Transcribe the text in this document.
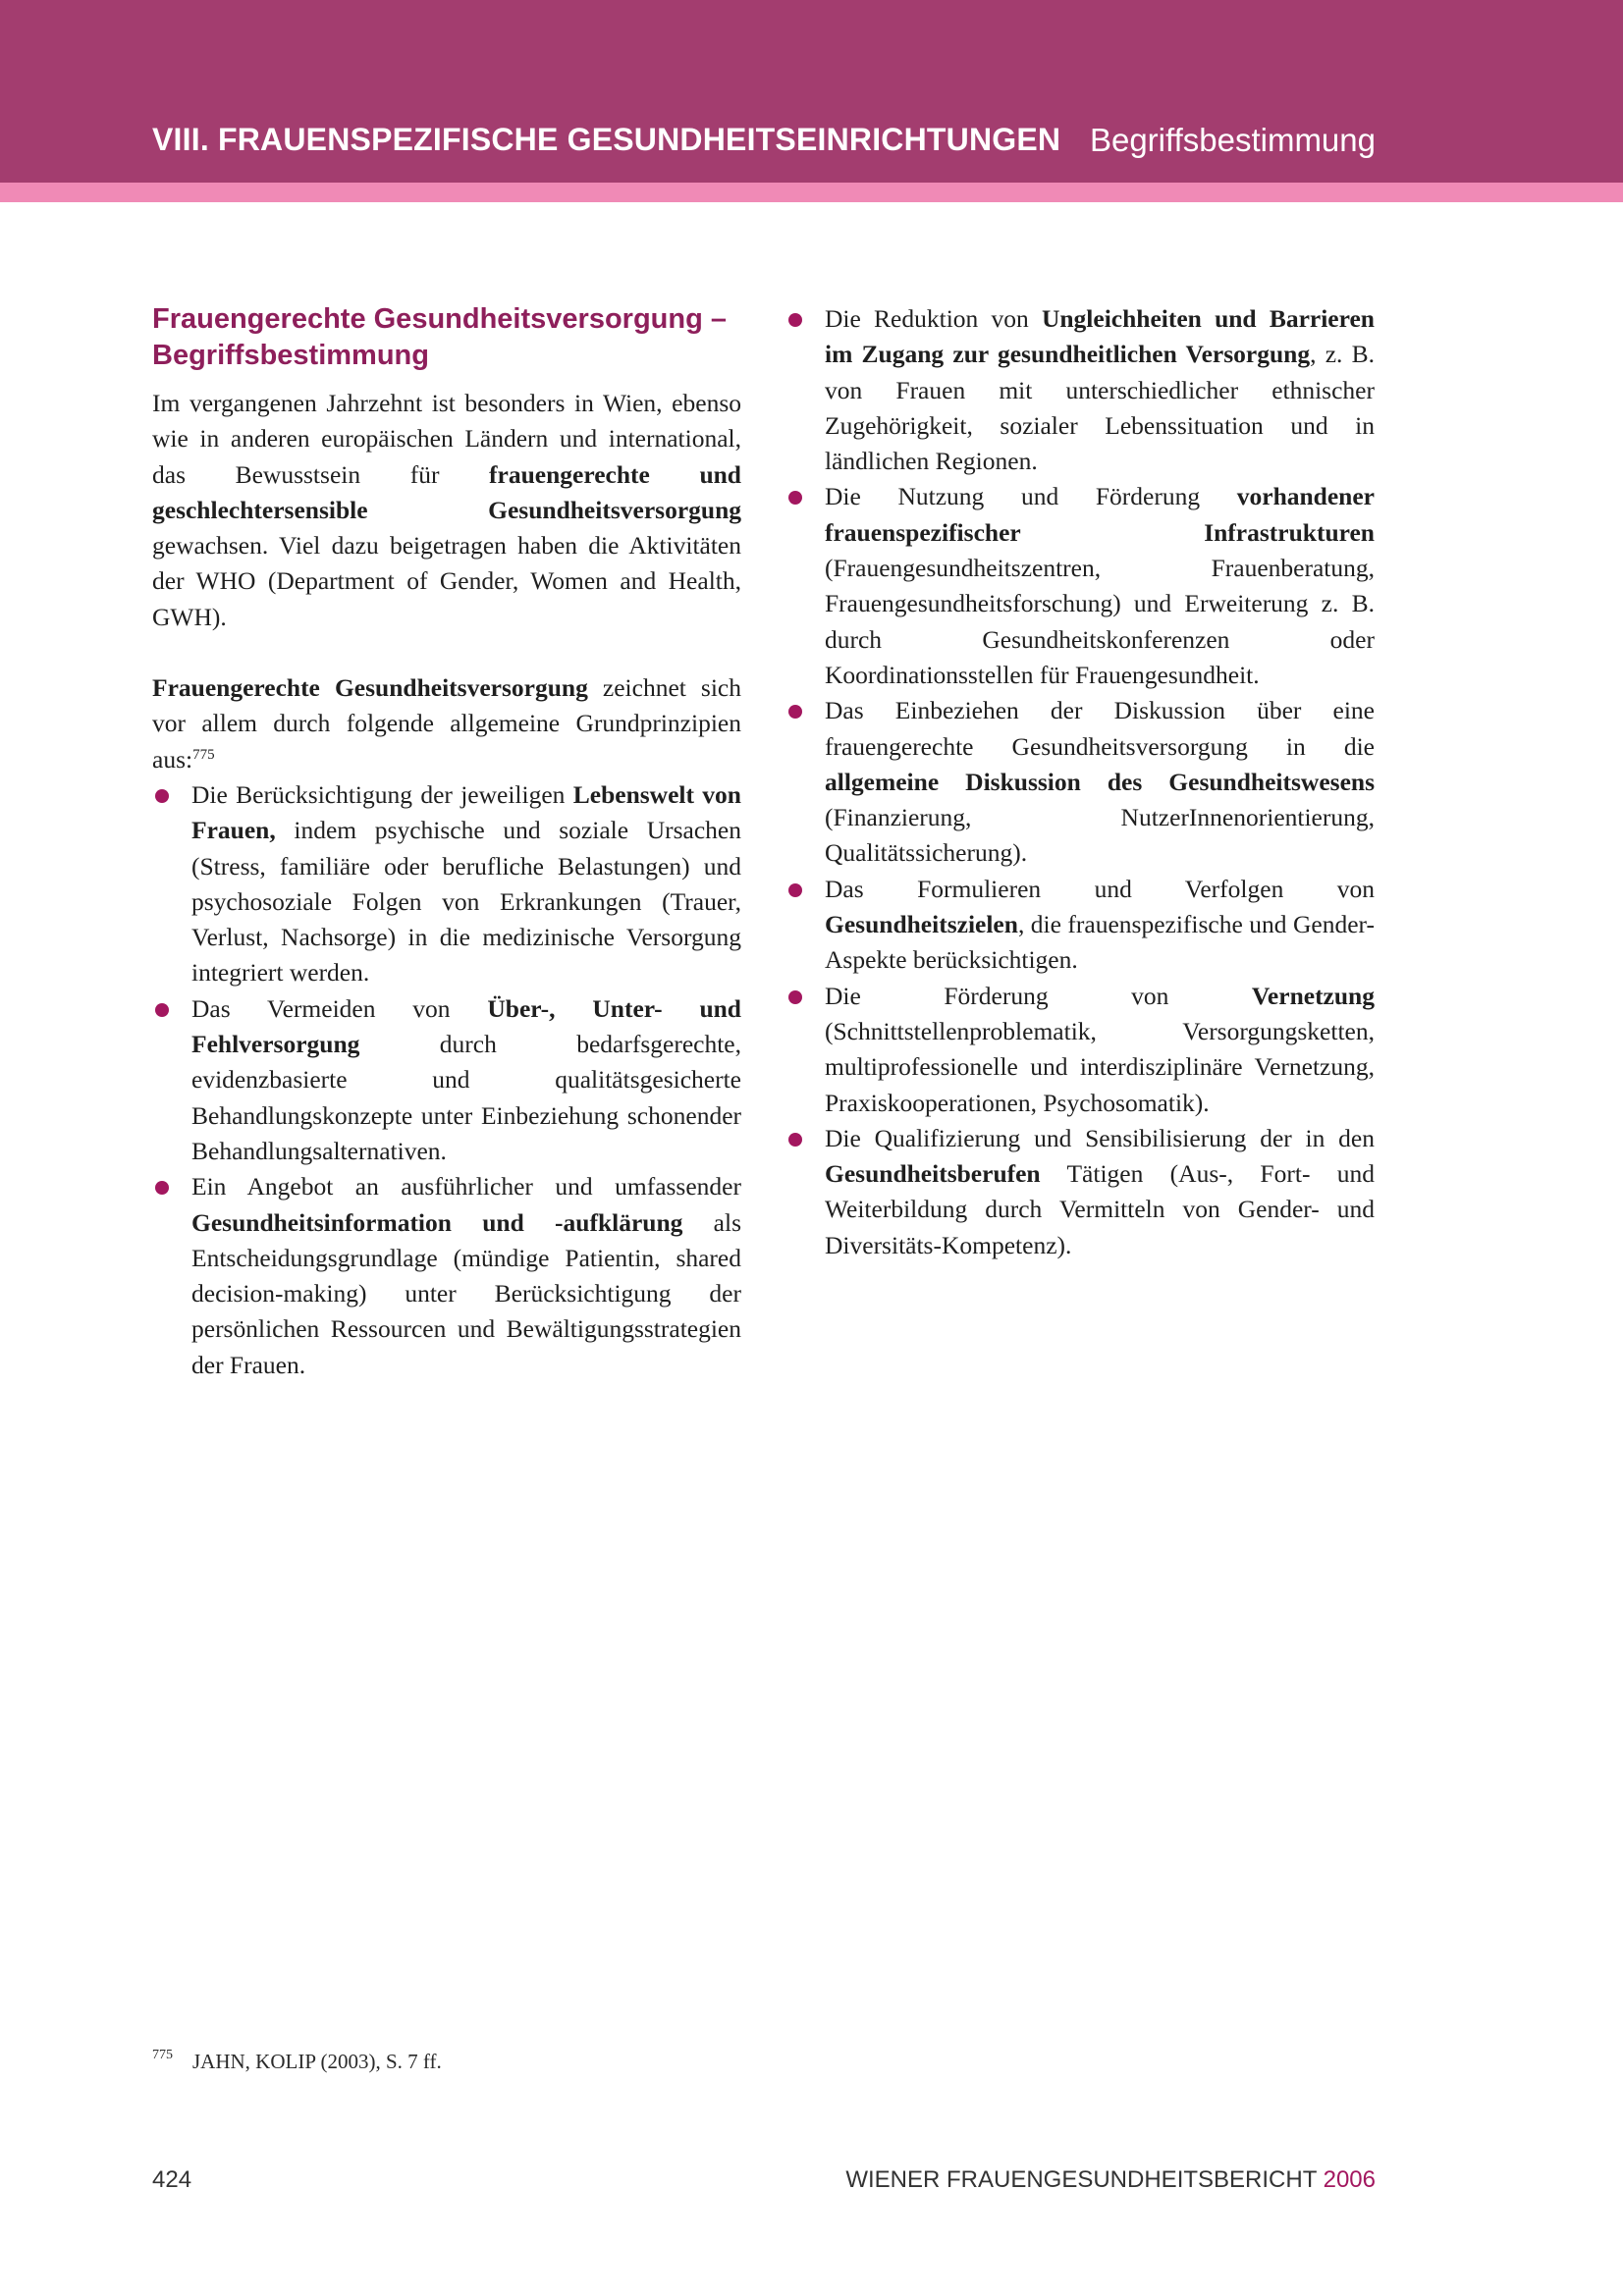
VIII. FRAUENSPEZIFISCHE GESUNDHEITSEINRICHTUNGEN Begriffsbestimmung
Frauengerechte Gesundheitsversorgung –
Begriffsbestimmung

Im vergangenen Jahrzehnt ist besonders in Wien, ebenso wie in anderen europäischen Ländern und international, das Bewusstsein für frauengerechte und geschlechtersensible Gesundheitsversorgung gewachsen. Viel dazu beigetragen haben die Aktivitäten der WHO (Department of Gender, Women and Health, GWH).

Frauengerechte Gesundheitsversorgung zeichnet sich vor allem durch folgende allgemeine Grundprinzipien aus:$^{775}$

Die Berücksichtigung der jeweiligen Lebenswelt von Frauen, indem psychische und soziale Ursachen (Stress, familiäre oder berufliche Belastungen) und psychosoziale Folgen von Erkrankungen (Trauer, Verlust, Nachsorge) in die medizinische Versorgung integriert werden.
Das Vermeiden von Über-, Unter- und Fehlversorgung durch bedarfsgerechte, evidenzbasierte und qualitätsgesicherte Behandlungskonzepte unter Einbeziehung schonender Behandlungsalternativen.
Ein Angebot an ausführlicher und umfassender Gesundheitsinformation und -aufklärung als Entscheidungsgrundlage (mündige Patientin, shared decision-making) unter Berücksichtigung der persönlichen Ressourcen und Bewältigungsstrategien der Frauen.
Die Reduktion von Ungleichheiten und Barrieren im Zugang zur gesundheitlichen Versorgung, z. B. von Frauen mit unterschiedlicher ethnischer Zugehörigkeit, sozialer Lebenssituation und in ländlichen Regionen.
Die Nutzung und Förderung vorhandener frauenspezifischer Infrastrukturen (Frauengesundheitszentren, Frauenberatung, Frauengesundheitsforschung) und Erweiterung z. B. durch Gesundheitskonferenzen oder Koordinationsstellen für Frauengesundheit.
Das Einbeziehen der Diskussion über eine frauengerechte Gesundheitsversorgung in die allgemeine Diskussion des Gesundheitswesens (Finanzierung, NutzerInnenorientierung, Qualitätssicherung).
Das Formulieren und Verfolgen von Gesundheitszielen, die frauenspezifische und Gender-Aspekte berücksichtigen.
Die Förderung von Vernetzung (Schnittstellenproblematik, Versorgungsketten, multiprofessionelle und interdisziplinäre Vernetzung, Praxiskooperationen, Psychosomatik).
Die Qualifizierung und Sensibilisierung der in den Gesundheitsberufen Tätigen (Aus-, Fort- und Weiterbildung durch Vermitteln von Gender- und Diversitäts-Kompetenz).
$^{775}$ JAHN, KOLIP (2003), S. 7 ff.
424	WIENER FRAUENGESUNDHEITSBERICHT 2006
